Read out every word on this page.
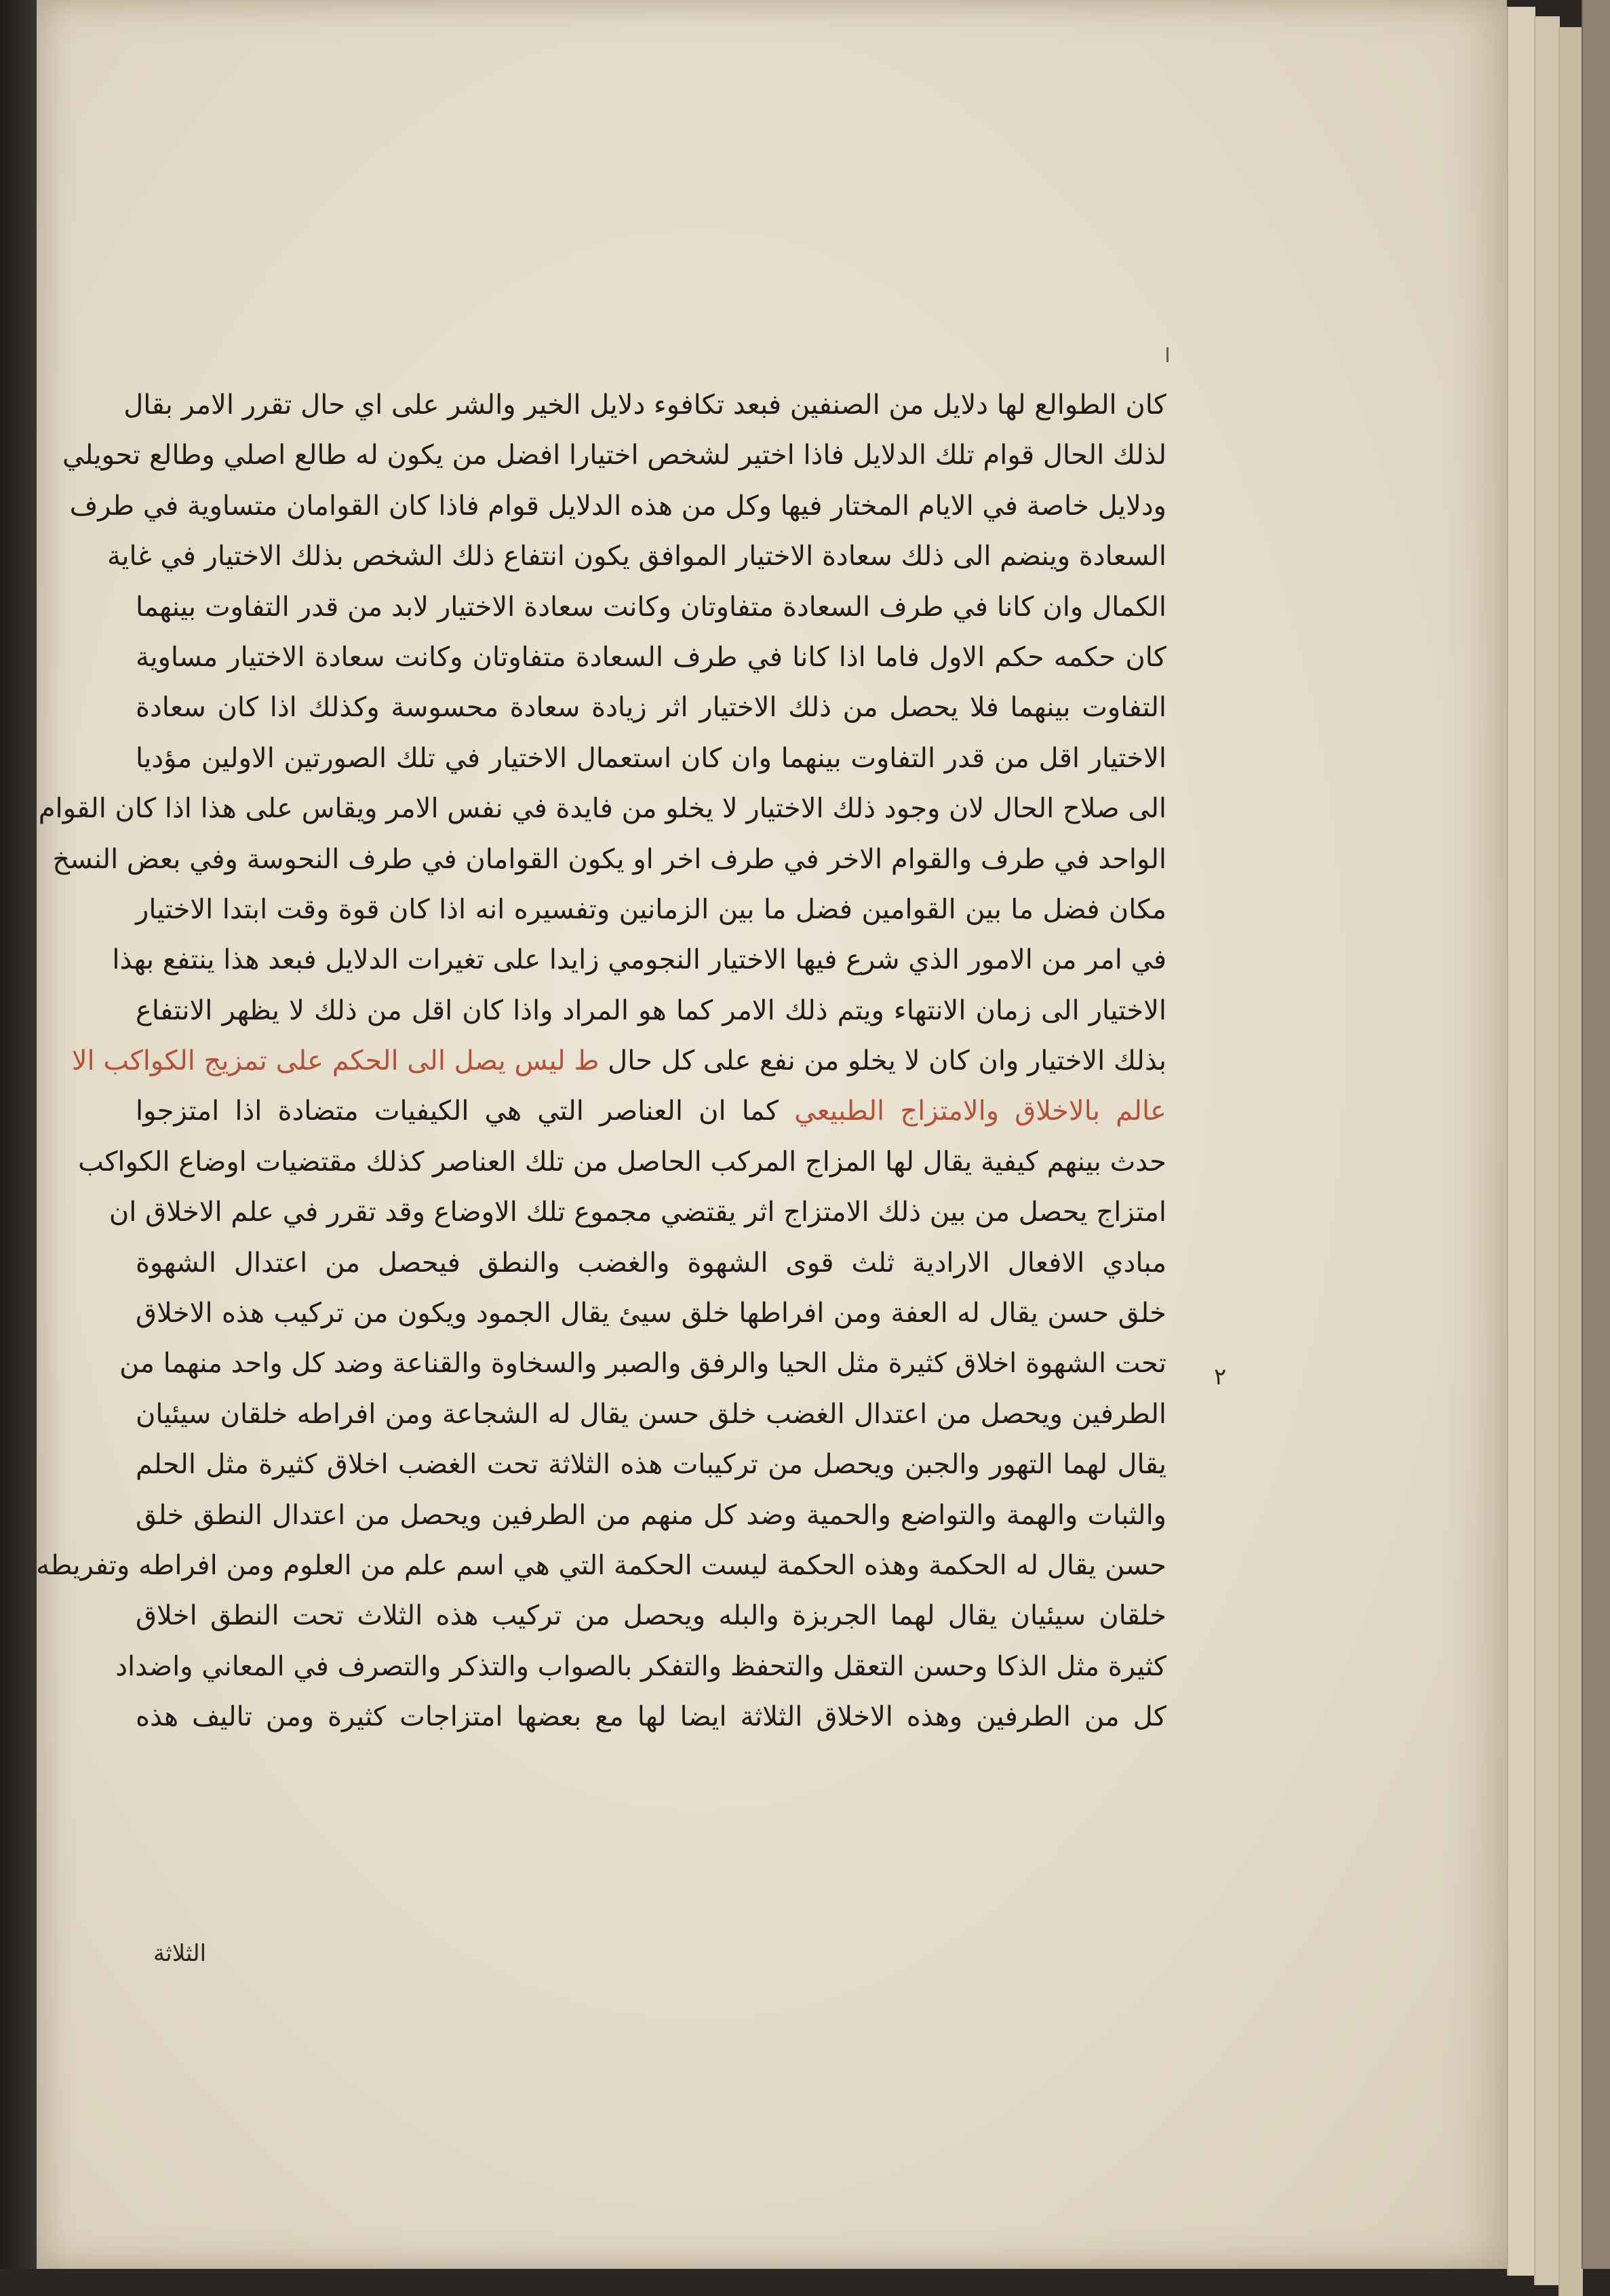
كان الطوالع لها دلايل من الصنفين فبعد تكافوء دلايل الخير والشر على اي حال تقرر الامر بقال
لذلك الحال قوام تلك الدلايل فاذا اختير لشخص اختيارا افضل من يكون له طالع اصلي وطالع تحويلي
ودلايل خاصة في الايام المختار فيها وكل من هذه الدلايل قوام فاذا كان القوامان متساوية في طرف
السعادة وينضم الى ذلك سعادة الاختيار الموافق يكون انتفاع ذلك الشخص بذلك الاختيار في غاية
الكمال وان كانا في طرف السعادة متفاوتان وكانت سعادة الاختيار لابد من قدر التفاوت بينهما
كان حكمه حكم الاول فاما اذا كانا في طرف السعادة متفاوتان وكانت سعادة الاختيار مساوية
التفاوت بينهما فلا يحصل من ذلك الاختيار اثر زيادة سعادة محسوسة وكذلك اذا كان سعادة
الاختيار اقل من قدر التفاوت بينهما وان كان استعمال الاختيار في تلك الصورتين الاولين مؤديا
الى صلاح الحال لان وجود ذلك الاختيار لا يخلو من فايدة في نفس الامر ويقاس على هذا اذا كان القوام
الواحد في طرف والقوام الاخر في طرف اخر او يكون القوامان في طرف النحوسة وفي بعض النسخ
مكان فضل ما بين القوامين فضل ما بين الزمانين وتفسيره انه اذا كان قوة وقت ابتدا الاختيار
في امر من الامور الذي شرع فيها الاختيار النجومي زايدا على تغيرات الدلايل فبعد هذا ينتفع بهذا
الاختيار الى زمان الانتهاء ويتم ذلك الامر كما هو المراد واذا كان اقل من ذلك لا يظهر الانتفاع
بذلك الاختيار وان كان لا يخلو من نفع على كل حال ط ليس يصل الى الحكم على تمزيج الكواكب الا
عالم بالاخلاق والامتزاج الطبيعي كما ان العناصر التي هي الكيفيات متضادة اذا امتزجوا
حدث بينهم كيفية يقال لها المزاج المركب الحاصل من تلك العناصر كذلك مقتضيات اوضاع الكواكب
امتزاج يحصل من بين ذلك الامتزاج اثر يقتضي مجموع تلك الاوضاع وقد تقرر في علم الاخلاق ان
مبادي الافعال الارادية ثلث قوى الشهوة والغضب والنطق فيحصل من اعتدال الشهوة
خلق حسن يقال له العفة ومن افراطها خلق سيئ يقال الجمود ويكون من تركيب هذه الاخلاق
تحت الشهوة اخلاق كثيرة مثل الحيا والرفق والصبر والسخاوة والقناعة وضد كل واحد منهما من
الطرفين ويحصل من اعتدال الغضب خلق حسن يقال له الشجاعة ومن افراطه خلقان سيئيان
يقال لهما التهور والجبن ويحصل من تركيبات هذه الثلاثة تحت الغضب اخلاق كثيرة مثل الحلم
والثبات والهمة والتواضع والحمية وضد كل منهم من الطرفين ويحصل من اعتدال النطق خلق
حسن يقال له الحكمة وهذه الحكمة ليست الحكمة التي هي اسم علم من العلوم ومن افراطه وتفريطه
خلقان سيئيان يقال لهما الجربزة والبله ويحصل من تركيب هذه الثلاث تحت النطق اخلاق
كثيرة مثل الذكا وحسن التعقل والتحفظ والتفكر بالصواب والتذكر والتصرف في المعاني واضداد
كل من الطرفين وهذه الاخلاق الثلاثة ايضا لها مع بعضها امتزاجات كثيرة ومن تاليف هذه
٢
الثلاثة
